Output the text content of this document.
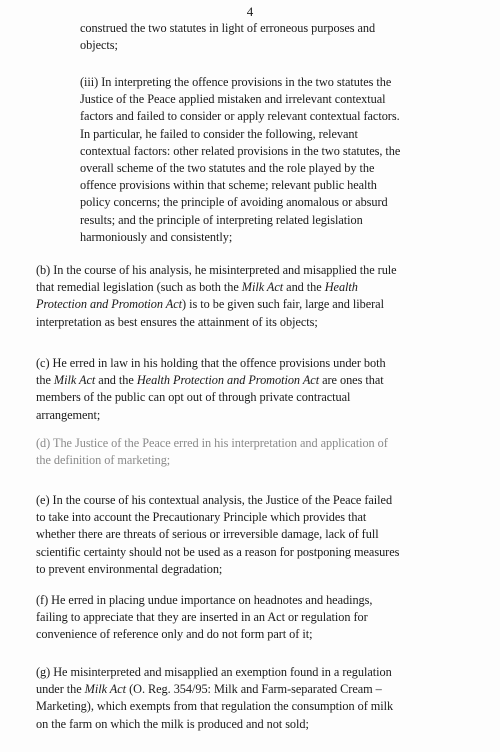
4

construed the two statutes in light of erroneous purposes and
objects;

(iii) In interpreting the offence provisions in the two statutes the
Justice of the Peace applied mistaken and irrelevant contextual
factors and failed to consider or apply relevant contextual factors.
In particular, he failed to consider the following, relevant
contextual factors: other related provisions in the two statutes, the
overall scheme of the two statutes and the role played by the
offence provisions within that scheme; relevant public health
policy concerns; the principle of avoiding anomalous or absurd
results; and the principle of interpreting related legislation
harmoniously and consistently;

(b) In the course of his analysis, he misinterpreted and misapplied the rule
that remedial legislation (such as both the Milk Act and the Health
Protection and Promotion Act) is to be given such fair, large and liberal
interpretation as best ensures the attainment of its objects;

(c) He erred in law in his holding that the offence provisions under both
the Milk Act and the Health Protection and Promotion Act are ones that
members of the public can opt out of through private contractual
arrangement;

(d) The Justice of the Peace erred in his interpretation and application of
the definition of marketing;

(e) In the course of his contextual analysis, the Justice of the Peace failed
to take into account the Precautionary Principle which provides that
whether there are threats of serious or irreversible damage, lack of full
scientific certainty should not be used as a reason for postponing measures
to prevent environmental degradation;

(f) He erred in placing undue importance on headnotes and headings,
failing to appreciate that they are inserted in an Act or regulation for
convenience of reference only and do not form part of it;

(g) He misinterpreted and misapplied an exemption found in a regulation
under the Milk Act (O. Reg. 354/95: Milk and Farm-separated Cream –
Marketing), which exempts from that regulation the consumption of milk
on the farm on which the milk is produced and not sold;
